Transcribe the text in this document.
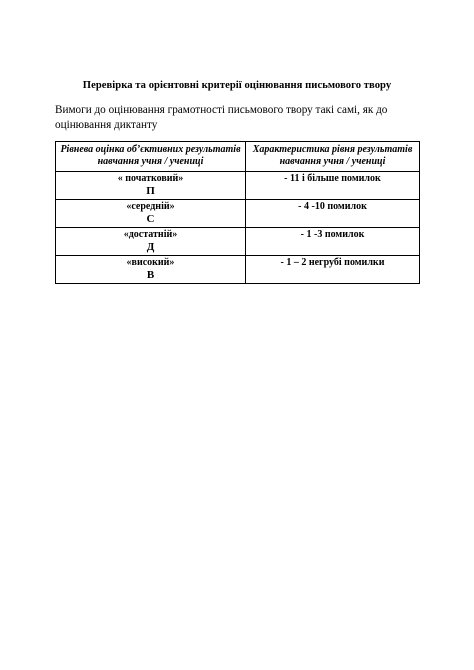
Перевірка та орієнтовні критерії оцінювання письмового твору
Вимоги до оцінювання грамотності письмового твору такі самі, як до оцінювання диктанту
Рівнева оцінка об’єктивних результатів навчання учня / учениці	Характеристика рівня результатів навчання учня / учениці
« початковий»
П	- 11 і більше помилок
«середній»
С	- 4 -10 помилок
«достатній»
Д	- 1 -3 помилок
«високий»
В	- 1 – 2 негрубі помилки
